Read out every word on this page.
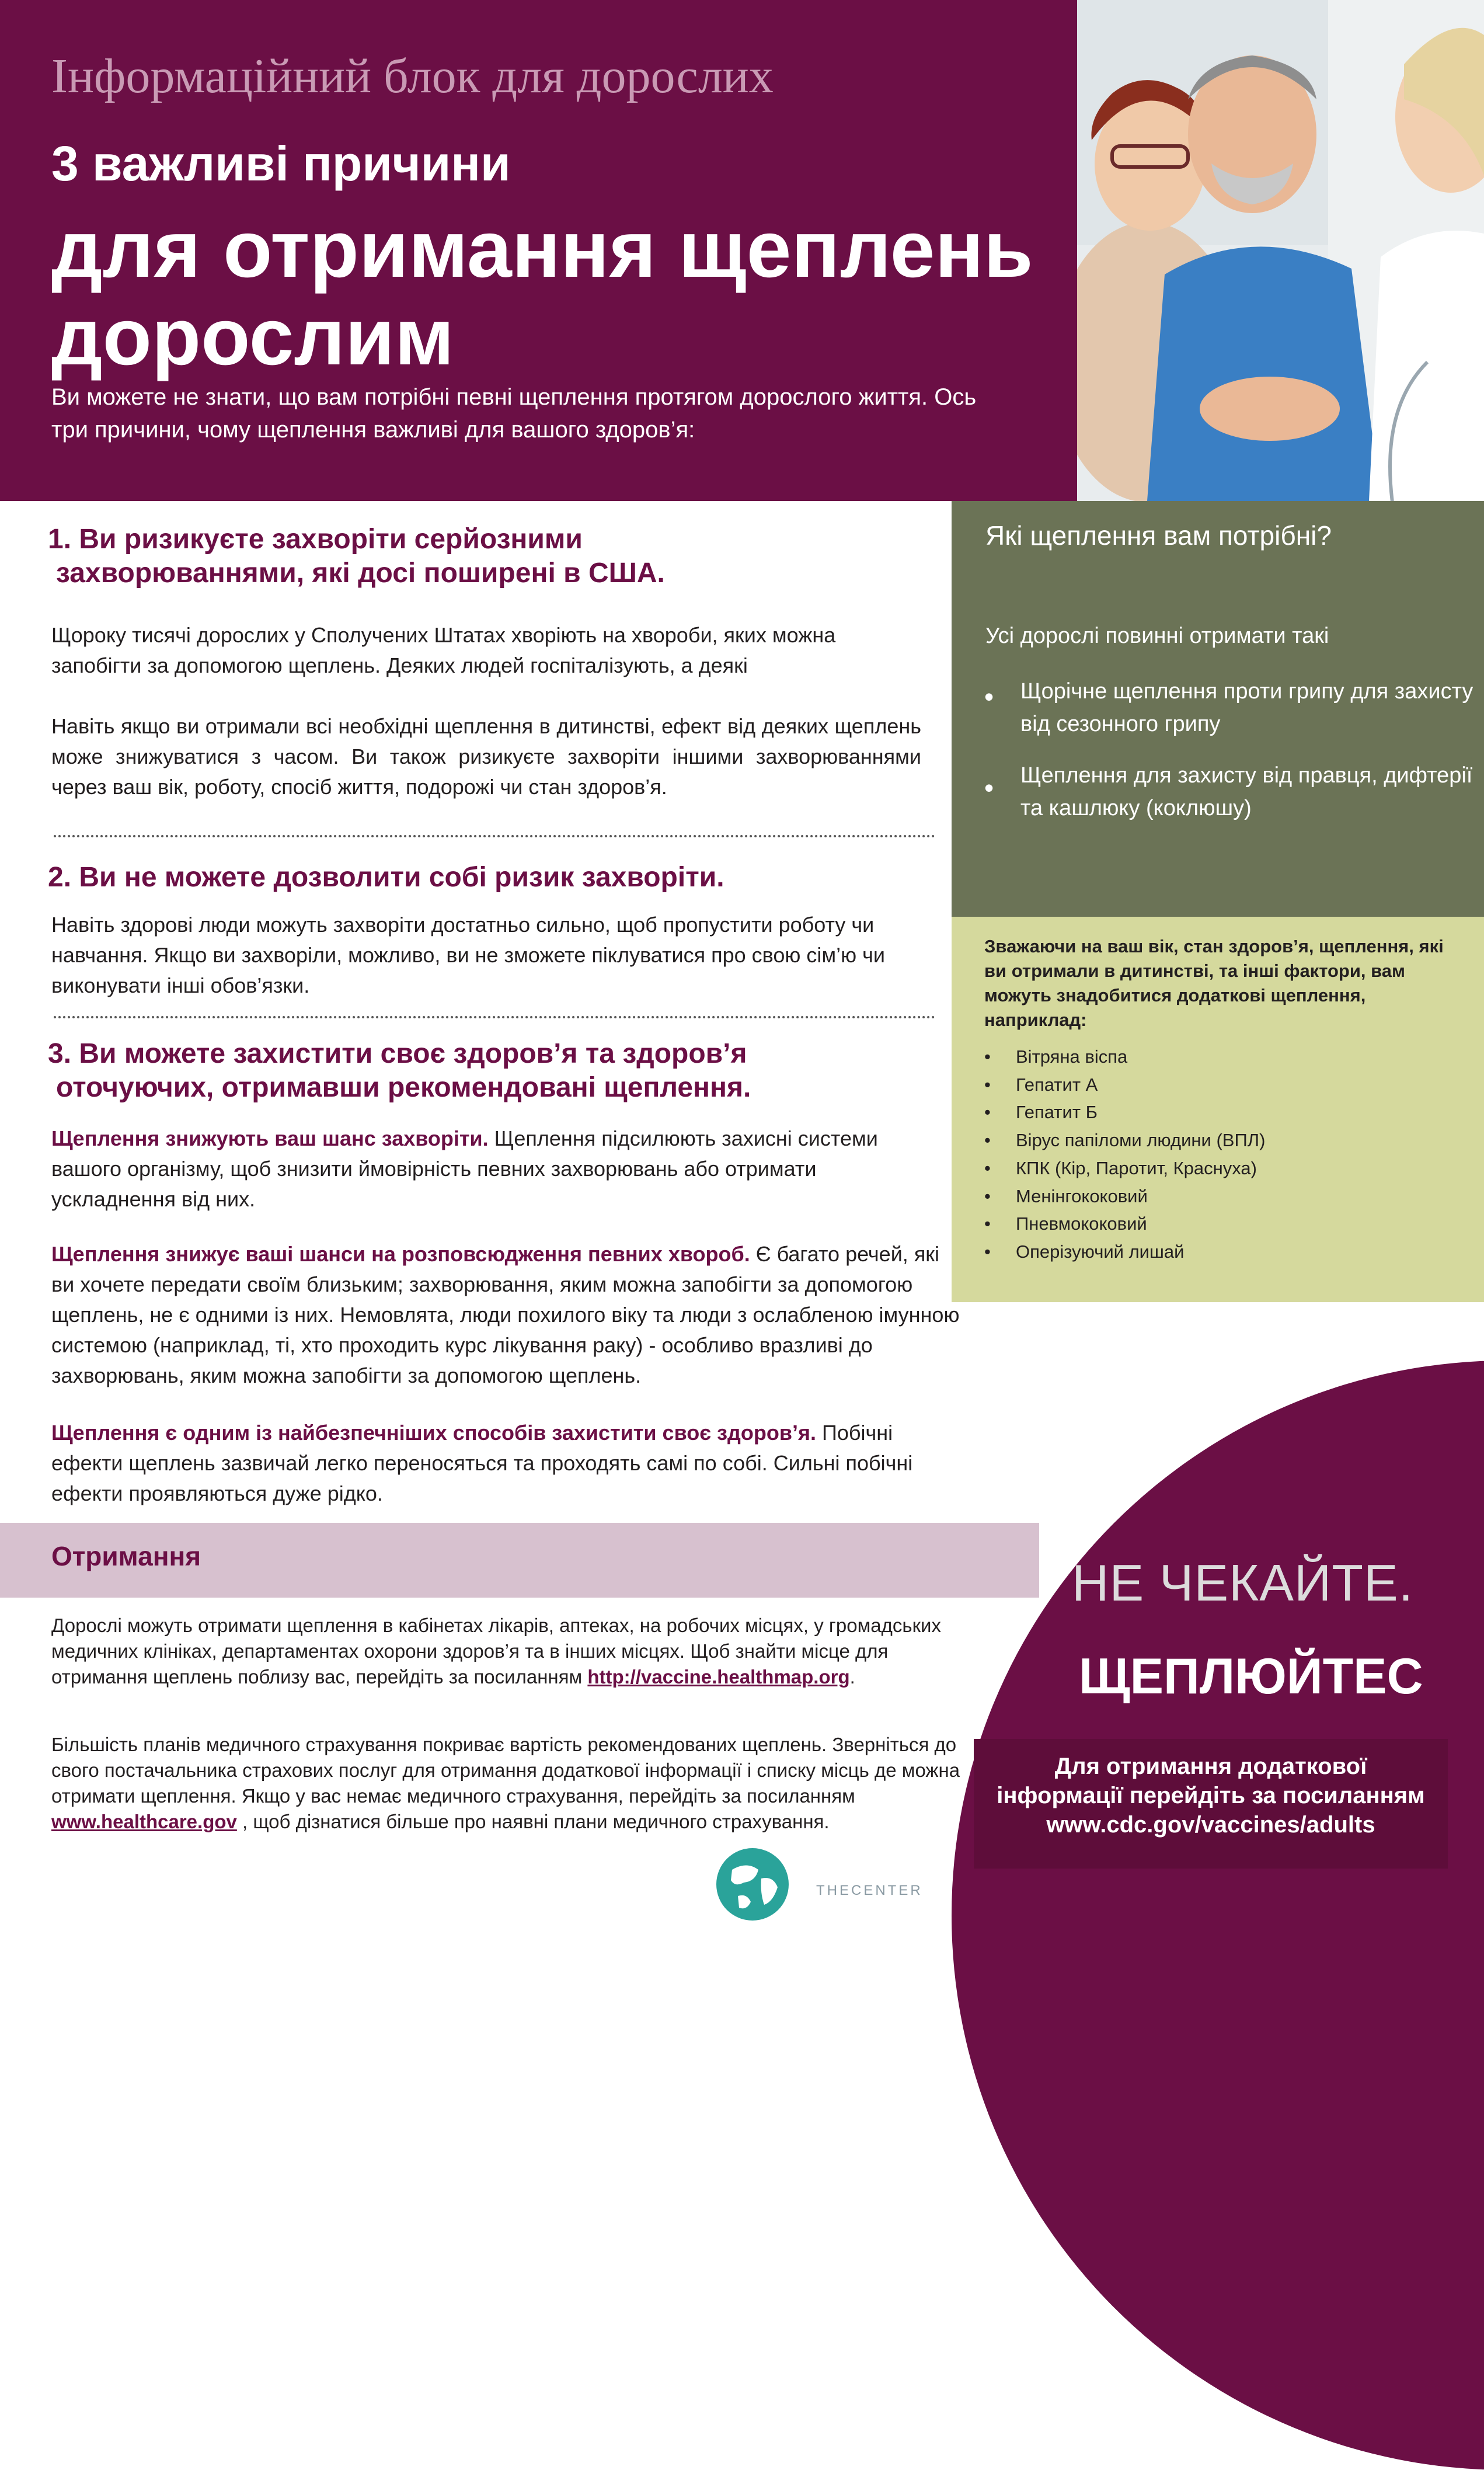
Інформаційний блок для дорослих
3 важливі причини
для отримання щеплень дорослим
Ви можете не знати, що вам потрібні певні щеплення протягом дорослого життя. Ось три причини, чому щеплення важливі для вашого здоров’я:
1. Ви ризикуєте захворіти серйозними
захворюваннями, які досі поширені в США.
Щороку тисячі дорослих у Сполучених Штатах хворіють на хвороби, яких можна запобігти за допомогою щеплень. Деяких людей госпіталізують, а деякі
Навіть якщо ви отримали всі необхідні щеплення в дитинстві, ефект від деяких щеплень може знижуватися з часом. Ви також ризикуєте захворіти іншими захворюваннями через ваш вік, роботу, спосіб життя, подорожі чи стан здоров’я.
2. Ви не можете дозволити собі ризик захворіти.
Навіть здорові люди можуть захворіти достатньо сильно, щоб пропустити роботу чи навчання. Якщо ви захворіли, можливо, ви не зможете піклуватися про свою сім’ю чи виконувати інші обов’язки.
3. Ви можете захистити своє здоров’я та здоров’я
оточуючих, отримавши рекомендовані щеплення.
Щеплення знижують ваш шанс захворіти. Щеплення підсилюють захисні системи вашого організму, щоб знизити ймовірність певних захворювань або отримати ускладнення від них.
Щеплення знижує ваші шанси на розповсюдження певних хвороб. Є багато речей, які ви хочете передати своїм близьким; захворювання, яким можна запобігти за допомогою щеплень, не є одними із них. Немовлята, люди похилого віку та люди з ослабленою імунною системою (наприклад, ті, хто проходить курс лікування раку) - особливо вразливі до захворювань, яким можна запобігти за допомогою щеплень.
Щеплення є одним із найбезпечніших способів захистити своє здоров’я. Побічні ефекти щеплень зазвичай легко переносяться та проходять самі по собі. Сильні побічні ефекти проявляються дуже рідко.
Які щеплення вам потрібні?
Усі дорослі повинні отримати такі
• Щорічне щеплення проти грипу для захисту від сезонного грипу
• Щеплення для захисту від правця, дифтерії та кашлюку (коклюшу)
Зважаючи на ваш вік, стан здоров’я, щеплення, які ви отримали в дитинстві, та інші фактори, вам можуть знадобитися додаткові щеплення, наприклад:
• Вітряна віспа
• Гепатит А
• Гепатит Б
• Вірус папіломи людини (ВПЛ)
• КПК (Кір, Паротит, Краснуха)
• Менінгококовий
• Пневмококовий
• Оперізуючий лишай
Отримання
Дорослі можуть отримати щеплення в кабінетах лікарів, аптеках, на робочих місцях, у громадських медичних клініках, департаментах охорони здоров’я та в інших місцях. Щоб знайти місце для отримання щеплень поблизу вас, перейдіть за посиланням http://vaccine.healthmap.org.
Більшість планів медичного страхування покриває вартість рекомендованих щеплень. Зверніться до свого постачальника страхових послуг для отримання додаткової інформації і списку місць де можна отримати щеплення. Якщо у вас немає медичного страхування, перейдіть за посиланням www.healthcare.gov , щоб дізнатися більше про наявні плани медичного страхування.
НЕ ЧЕКАЙТЕ.
ЩЕПЛЮЙТЕС
Для отримання додаткової
інформації перейдіть за посиланням
www.cdc.gov/vaccines/adults
THECENTER
